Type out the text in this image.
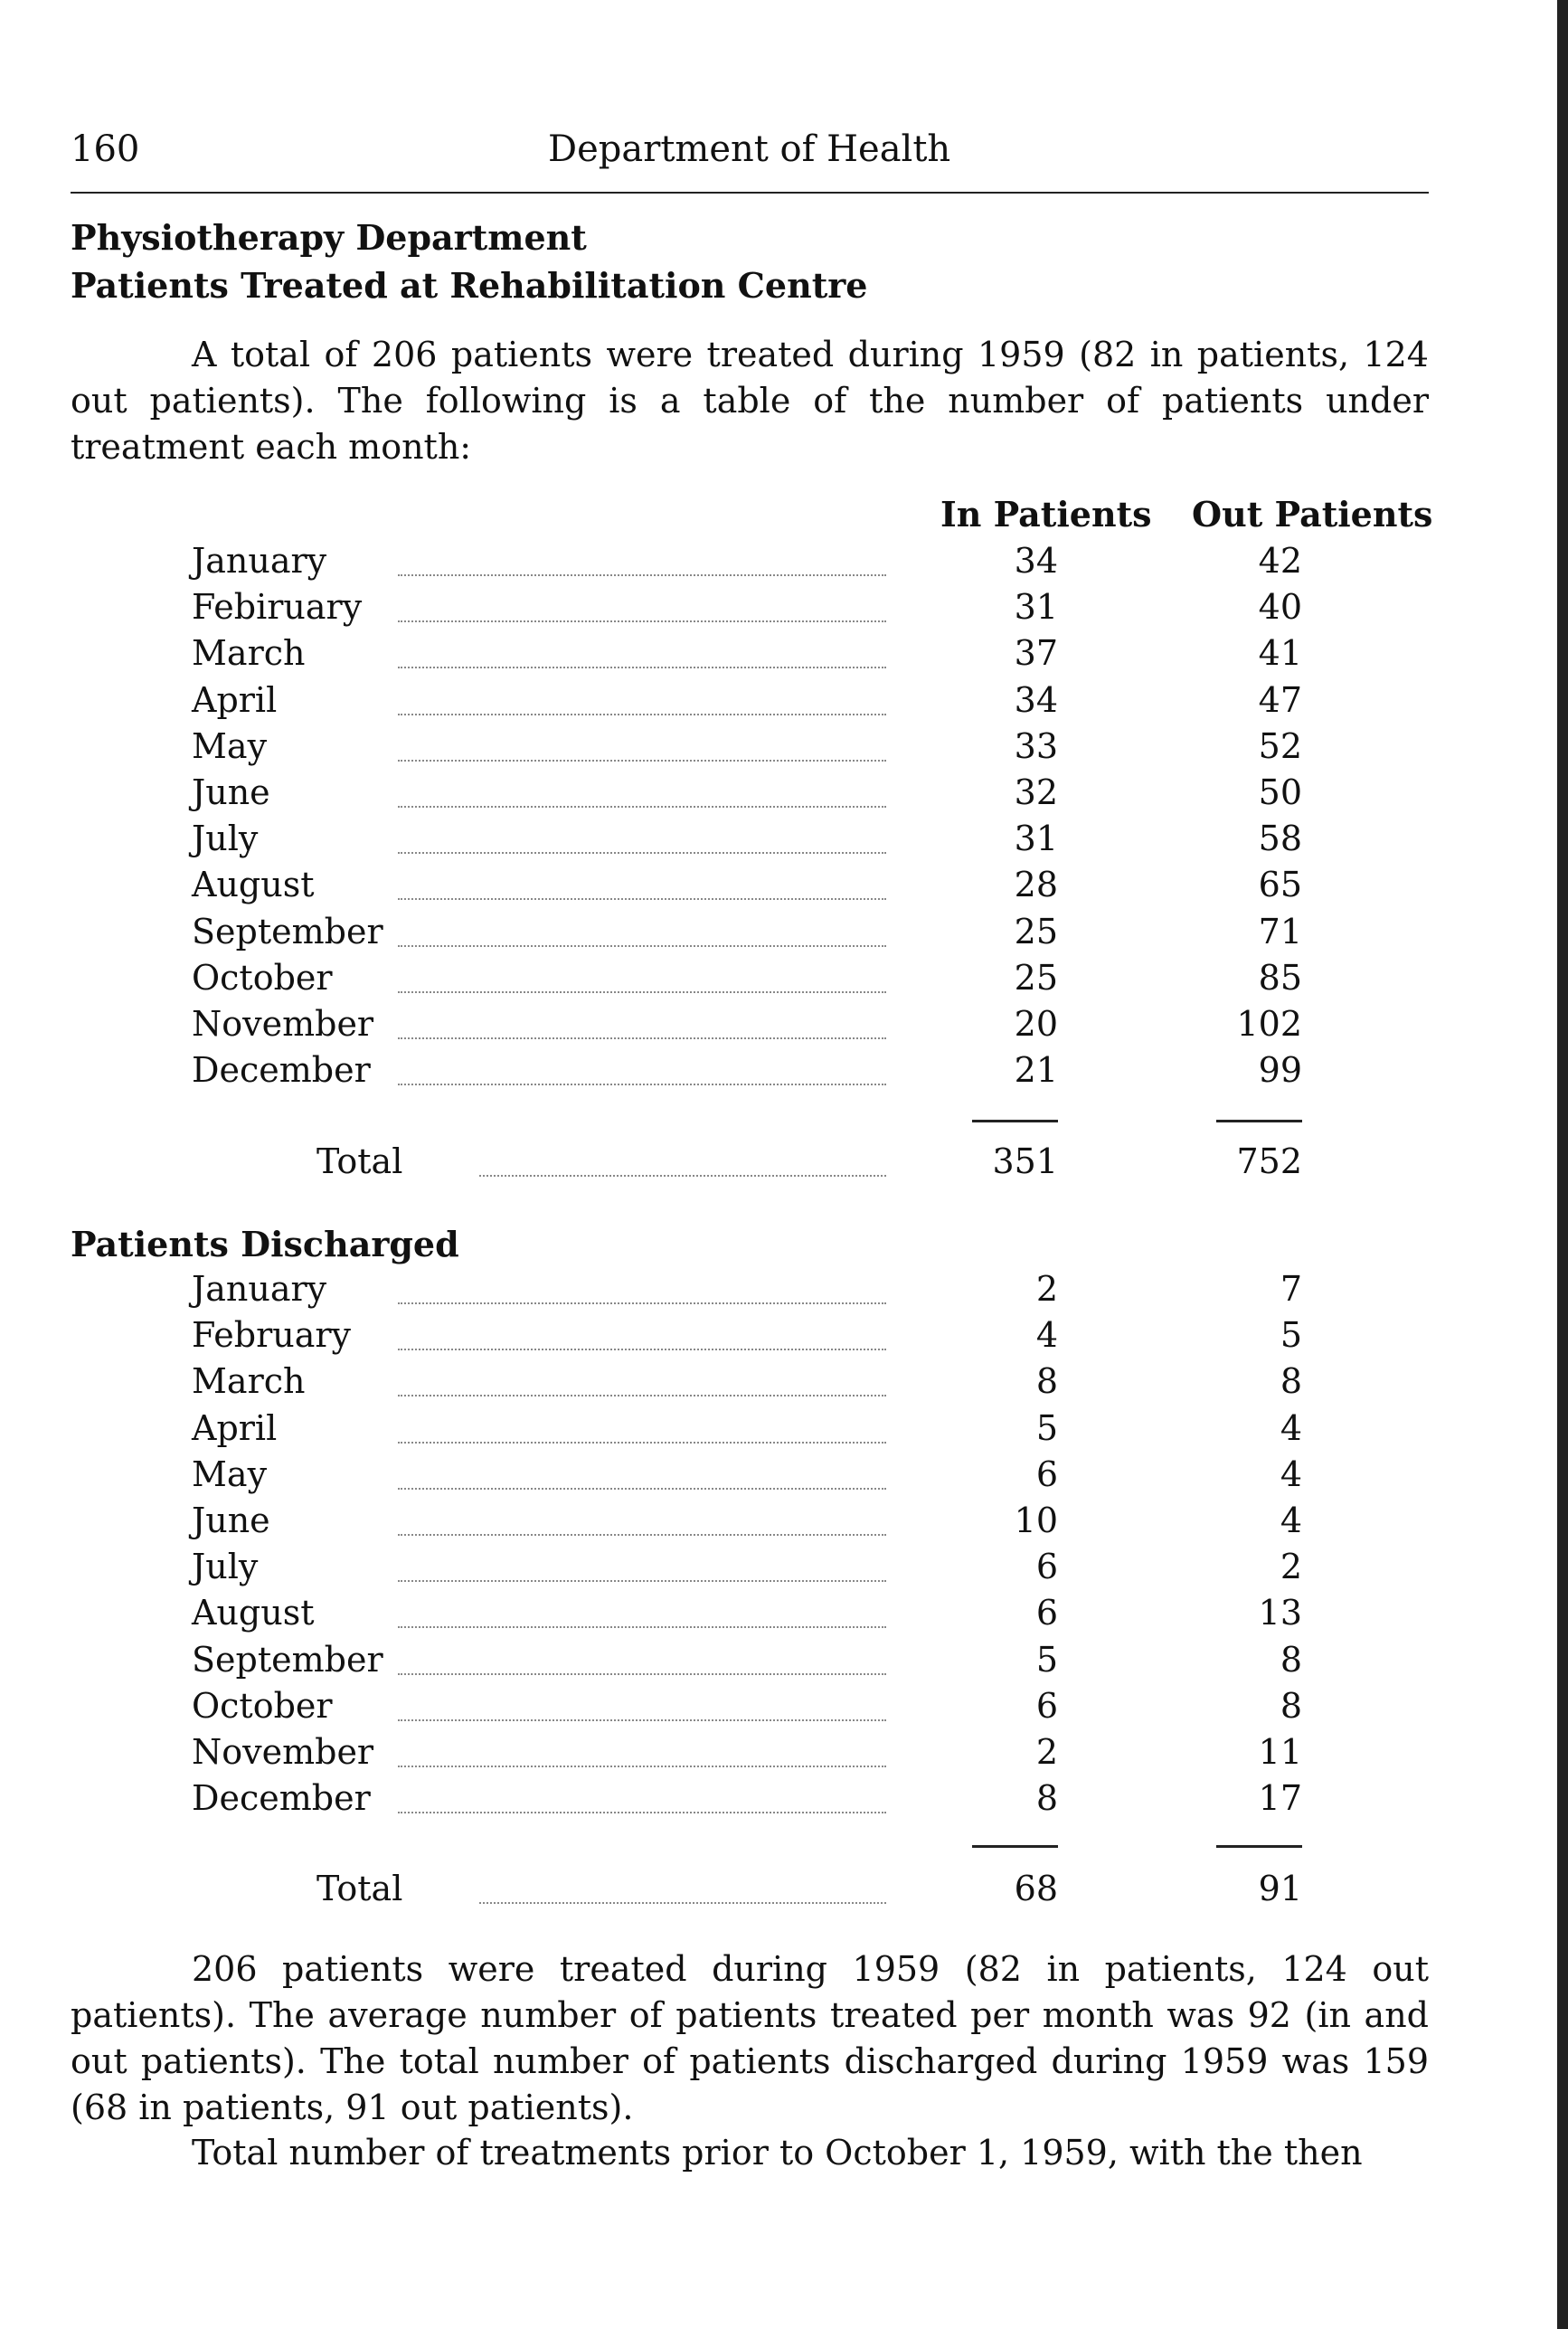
160	Department of Health
Physiotherapy Department
Patients Treated at Rehabilitation Centre

A total of 206 patients were treated during 1959 (82 in patients, 124 out patients). The following is a table of the number of patients under treatment each month:

In Patients Out Patients
January	34	42
Febiruary	31	40
March	37	41
April	34	47
May	33	52
June	32	50
July	31	58
August	28	65
September	25	71
October	25	85
November	20	102
December	21	99
Total	351	752
Patients Discharged
January	2	7
February	4	5
March	8	8
April	5	4
May	6	4
June	10	4
July	6	2
August	6	13
September	5	8
October	6	8
November	2	11
December	8	17
Total	68	91

206 patients were treated during 1959 (82 in patients, 124 out patients). The average number of patients treated per month was 92 (in and out patients). The total number of patients discharged during 1959 was 159 (68 in patients, 91 out patients).

Total number of treatments prior to October 1, 1959, with the then
